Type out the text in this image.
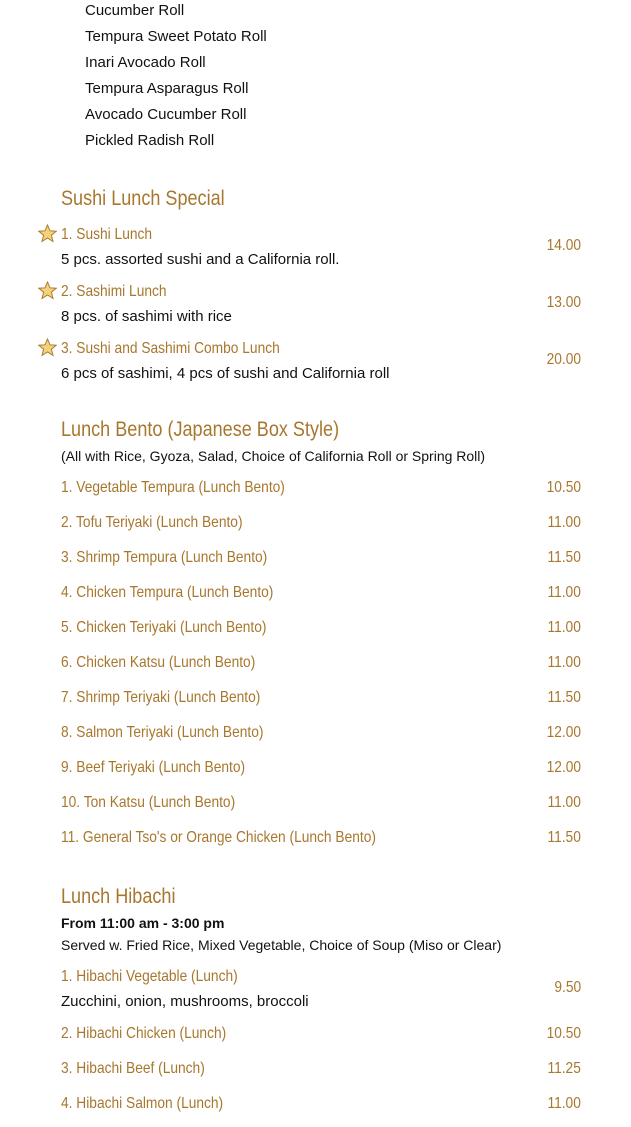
Cucumber Roll
Tempura Sweet Potato Roll
Inari Avocado Roll
Tempura Asparagus Roll
Avocado Cucumber Roll
Pickled Radish Roll
Sushi Lunch Special
1. Sushi Lunch
5 pcs. assorted sushi and a California roll.
14.00
2. Sashimi Lunch
8 pcs. of sashimi with rice
13.00
3. Sushi and Sashimi Combo Lunch
6 pcs of sashimi, 4 pcs of sushi and California roll
20.00
Lunch Bento (Japanese Box Style)
(All with Rice, Gyoza, Salad, Choice of California Roll or Spring Roll)
1. Vegetable Tempura (Lunch Bento)	10.50
2. Tofu Teriyaki (Lunch Bento)	11.00
3. Shrimp Tempura (Lunch Bento)	11.50
4. Chicken Tempura (Lunch Bento)	11.00
5. Chicken Teriyaki (Lunch Bento)	11.00
6. Chicken Katsu (Lunch Bento)	11.00
7. Shrimp Teriyaki (Lunch Bento)	11.50
8. Salmon Teriyaki (Lunch Bento)	12.00
9. Beef Teriyaki (Lunch Bento)	12.00
10. Ton Katsu (Lunch Bento)	11.00
11. General Tso's or Orange Chicken (Lunch Bento)	11.50
Lunch Hibachi
From 11:00 am - 3:00 pm
Served w. Fried Rice, Mixed Vegetable, Choice of Soup (Miso or Clear)
1. Hibachi Vegetable (Lunch)
Zucchini, onion, mushrooms, broccoli
9.50
2. Hibachi Chicken (Lunch)	10.50
3. Hibachi Beef (Lunch)	11.25
4. Hibachi Salmon (Lunch)	11.00
